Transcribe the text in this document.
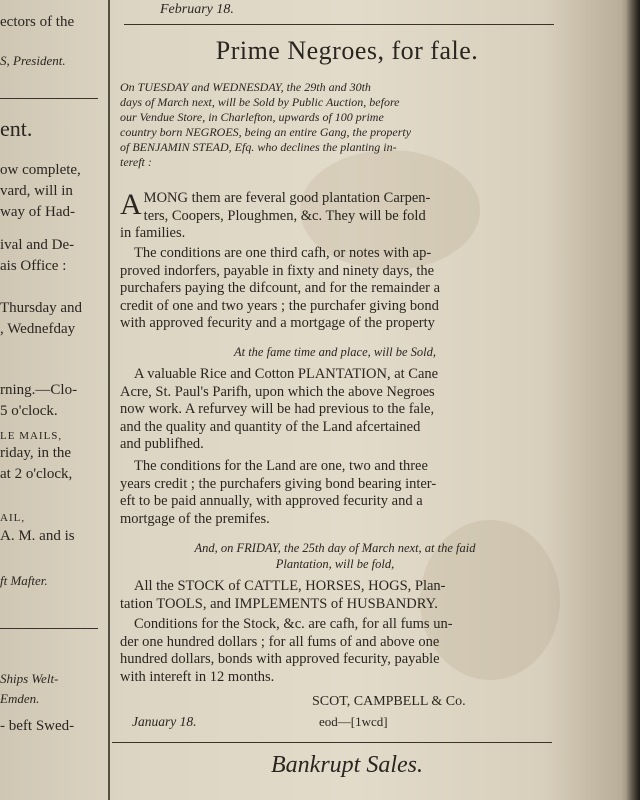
ectors of the
S, President.
ent.
ow complete,
vard, will in
way of Had-
ival and De-
ais Office :
Thursday and
, Wednefday
rning.—Clo-
5 o'clock.
LE MAILS,
riday, in the
at 2 o'clock,
AIL,
A. M. and is
ft Mafter.
Ships Welt-
Emden.
- beft Swed-
February 18.
Prime Negroes, for fale.
On TUESDAY and WEDNESDAY, the 29th and 30th
days of March next, will be Sold by Public Auction, before
our Vendue Store, in Charlefton, upwards of 100 prime
country born NEGROES, being an entire Gang, the property
of BENJAMIN STEAD, Efq. who declines the planting in-
tereft :
A MONG them are feveral good plantation Carpen-
ters, Coopers, Ploughmen, &c. They will be fold
in families.
The conditions are one third cafh, or notes with ap-
proved indorfers, payable in fixty and ninety days, the
purchafers paying the difcount, and for the remainder a
credit of one and two years ; the purchafer giving bond
with approved fecurity and a mortgage of the property
At the fame time and place, will be Sold,
A valuable Rice and Cotton PLANTATION, at Cane
Acre, St. Paul's Parifh, upon which the above Negroes
now work. A refurvey will be had previous to the fale,
and the quality and quantity of the Land afcertained
and publifhed.
The conditions for the Land are one, two and three
years credit ; the purchafers giving bond bearing inter-
eft to be paid annually, with approved fecurity and a
mortgage of the premifes.
And, on FRIDAY, the 25th day of March next, at the faid
Plantation, will be fold,
All the STOCK of CATTLE, HORSES, HOGS, Plan-
tation TOOLS, and IMPLEMENTS of HUSBANDRY.
Conditions for the Stock, &c. are cafh, for all fums un-
der one hundred dollars ; for all fums of and above one
hundred dollars, bonds with approved fecurity, payable
with intereft in 12 months.
SCOT, CAMPBELL & Co.
January 18.	eod—[1wcd]
Bankrupt Sales.
